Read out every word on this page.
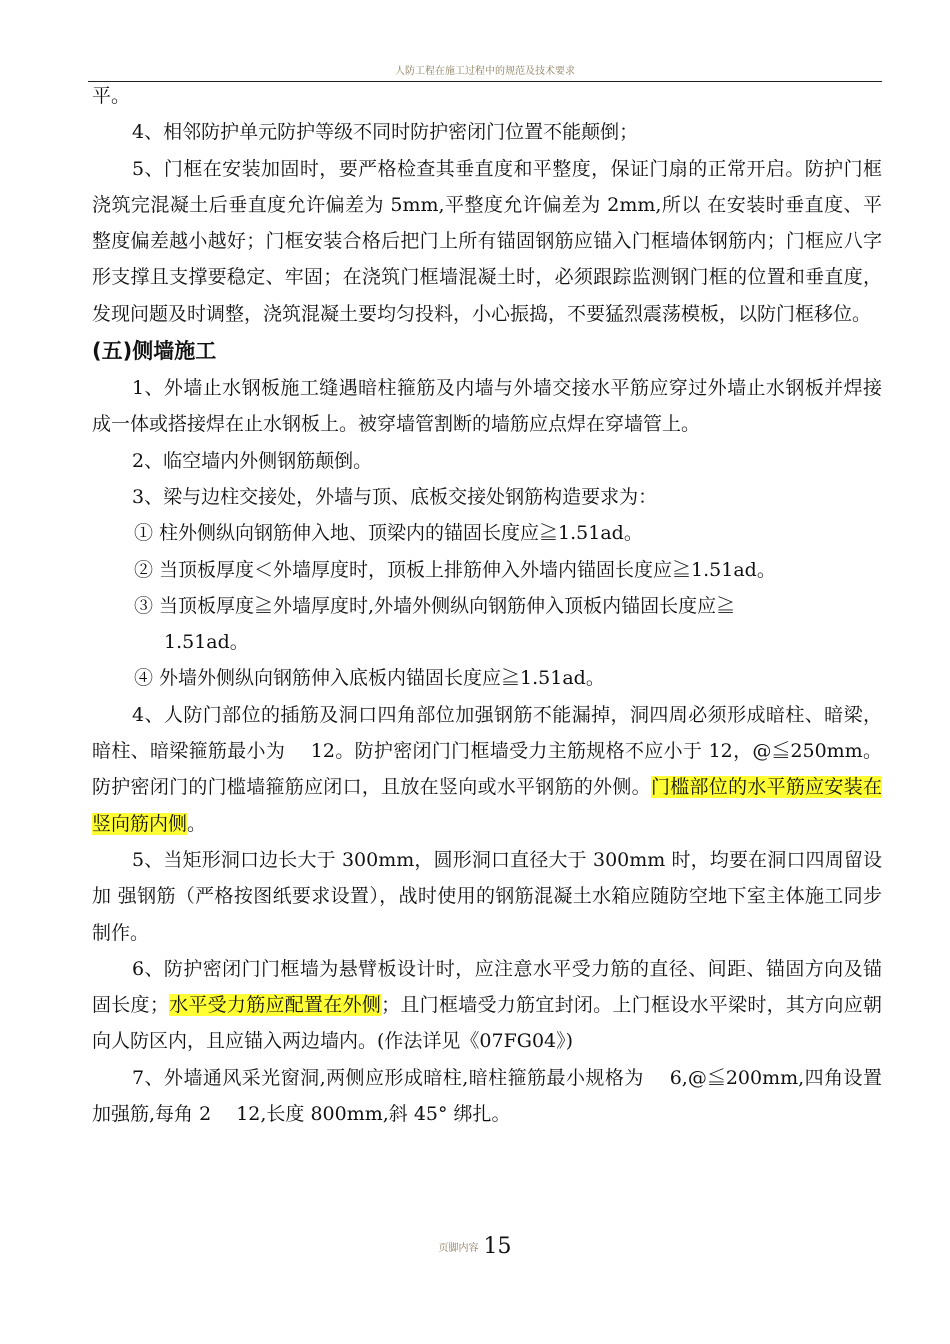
人防工程在施工过程中的规范及技术要求

平。

4、相邻防护单元防护等级不同时防护密闭门位置不能颠倒；

5、门框在安装加固时，要严格检查其垂直度和平整度，保证门扇的正常开启。防护门框浇筑完混凝土后垂直度允许偏差为 5mm,平整度允许偏差为 2mm,所以 在安装时垂直度、平整度偏差越小越好；门框安装合格后把门上所有锚固钢筋应锚入门框墙体钢筋内；门框应八字形支撑且支撑要稳定、牢固；在浇筑门框墙混凝土时，必须跟踪监测钢门框的位置和垂直度，发现问题及时调整，浇筑混凝土要均匀投料，小心振捣，不要猛烈震荡模板，以防门框移位。

(五)侧墙施工

1、外墙止水钢板施工缝遇暗柱箍筋及内墙与外墙交接水平筋应穿过外墙止水钢板并焊接成一体或搭接焊在止水钢板上。被穿墙管割断的墙筋应点焊在穿墙管上。

2、临空墙内外侧钢筋颠倒。

3、梁与边柱交接处，外墙与顶、底板交接处钢筋构造要求为：

① 柱外侧纵向钢筋伸入地、顶梁内的锚固长度应≧1.51ad。

② 当顶板厚度＜外墙厚度时，顶板上排筋伸入外墙内锚固长度应≧1.51ad。

③ 当顶板厚度≧外墙厚度时,外墙外侧纵向钢筋伸入顶板内锚固长度应≧

1.51ad。

④ 外墙外侧纵向钢筋伸入底板内锚固长度应≧1.51ad。

4、人防门部位的插筋及洞口四角部位加强钢筋不能漏掉，洞四周必须形成暗柱、暗梁，暗柱、暗梁箍筋最小为　 12。防护密闭门门框墙受力主筋规格不应小于 12，@≦250mm。防护密闭门的门槛墙箍筋应闭口，且放在竖向或水平钢筋的外侧。门槛部位的水平筋应安装在竖向筋内侧。

5、当矩形洞口边长大于 300mm，圆形洞口直径大于 300mm 时，均要在洞口四周留设加 强钢筋（严格按图纸要求设置），战时使用的钢筋混凝土水箱应随防空地下室主体施工同步制作。

6、防护密闭门门框墙为悬臂板设计时，应注意水平受力筋的直径、间距、锚固方向及锚固长度；水平受力筋应配置在外侧；且门框墙受力筋宜封闭。上门框设水平梁时，其方向应朝向人防区内，且应锚入两边墙内。(作法详见《07FG04》)

7、外墙通风采光窗洞,两侧应形成暗柱,暗柱箍筋最小规格为　 6,@≦200mm,四角设置加强筋,每角 2　 12,长度 800mm,斜 45° 绑扎。

页脚内容 15
